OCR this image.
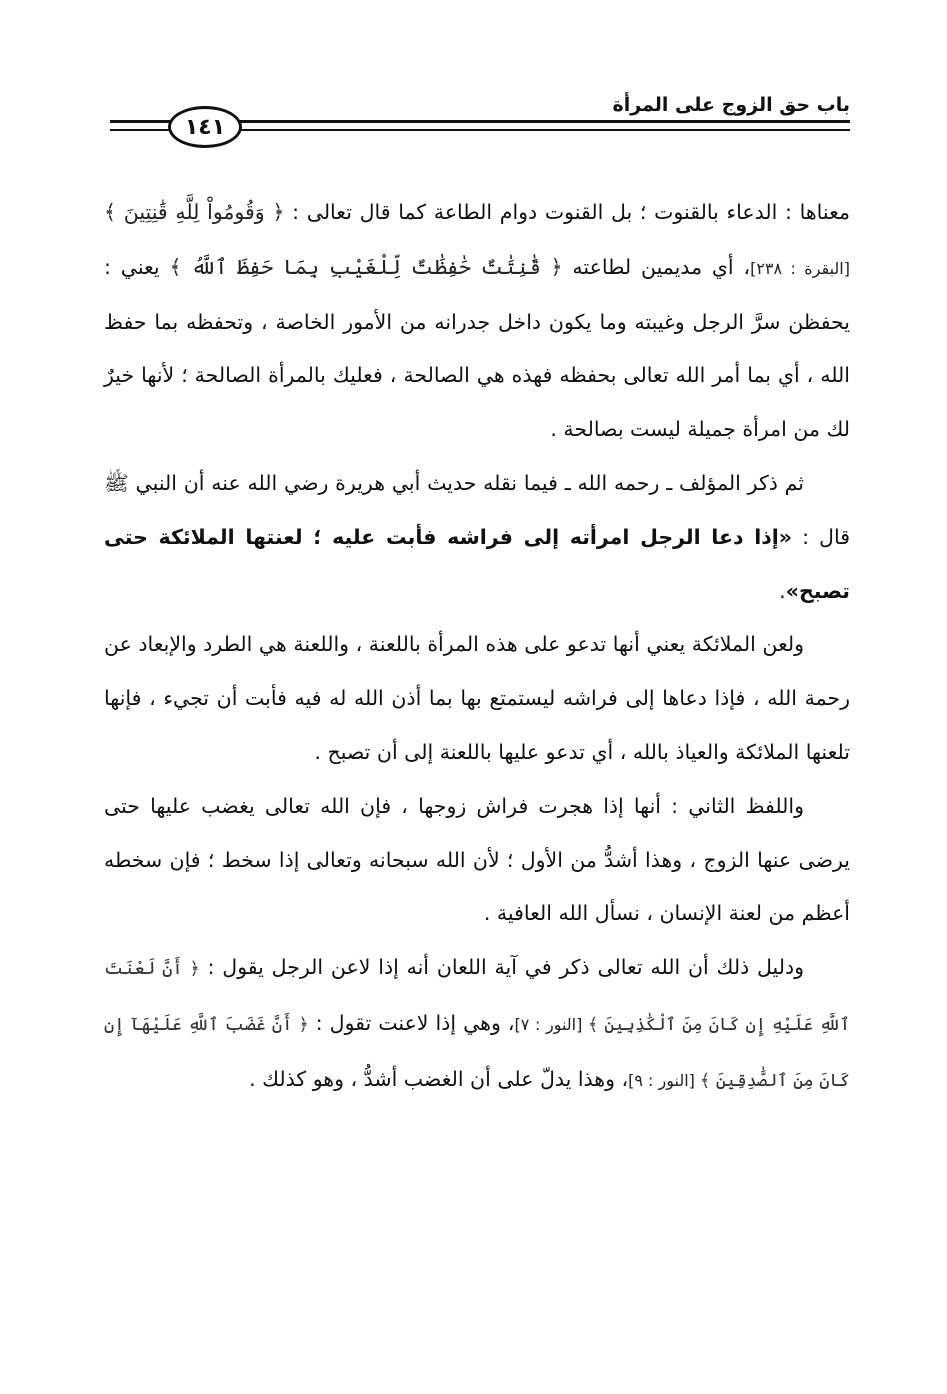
باب حق الزوج على المرأة
١٤١

معناها : الدعاء بالقنوت ؛ بل القنوت دوام الطاعة كما قال تعالى : ﴿ وَقُومُواْ لِلَّهِ قَٰنِتِينَ ﴾ [البقرة : ٢٣٨]، أي مديمين لطاعته ﴿ قَٰنِتَٰتٌ حَٰفِظَٰتٌ لِّلْغَيْبِ بِمَا حَفِظَ ٱللَّهُ ﴾ يعني : يحفظن سرَّ الرجل وغيبته وما يكون داخل جدرانه من الأمور الخاصة ، وتحفظه بما حفظ الله ، أي بما أمر الله تعالى بحفظه فهذه هي الصالحة ، فعليك بالمرأة الصالحة ؛ لأنها خيرٌ لك من امرأة جميلة ليست بصالحة .

ثم ذكر المؤلف ـ رحمه الله ـ فيما نقله حديث أبي هريرة رضي الله عنه أن النبي ﷺ قال : «إذا دعا الرجل امرأته إلى فراشه فأبت عليه ؛ لعنتها الملائكة حتى تصبح».

ولعن الملائكة يعني أنها تدعو على هذه المرأة باللعنة ، واللعنة هي الطرد والإبعاد عن رحمة الله ، فإذا دعاها إلى فراشه ليستمتع بها بما أذن الله له فيه فأبت أن تجيء ، فإنها تلعنها الملائكة والعياذ بالله ، أي تدعو عليها باللعنة إلى أن تصبح .

واللفظ الثاني : أنها إذا هجرت فراش زوجها ، فإن الله تعالى يغضب عليها حتى يرضى عنها الزوج ، وهذا أشدُّ من الأول ؛ لأن الله سبحانه وتعالى إذا سخط ؛ فإن سخطه أعظم من لعنة الإنسان ، نسأل الله العافية .

ودليل ذلك أن الله تعالى ذكر في آية اللعان أنه إذا لاعن الرجل يقول : ﴿ أَنَّ لَعْنَتَ ٱللَّهِ عَلَيْهِ إِن كَانَ مِنَ ٱلْكَٰذِبِينَ ﴾ [النور : ٧]، وهي إذا لاعنت تقول : ﴿ أَنَّ غَضَبَ ٱللَّهِ عَلَيْهَآ إِن كَانَ مِنَ ٱلصَّٰدِقِينَ ﴾ [النور : ٩]، وهذا يدلّ على أن الغضب أشدُّ ، وهو كذلك .
